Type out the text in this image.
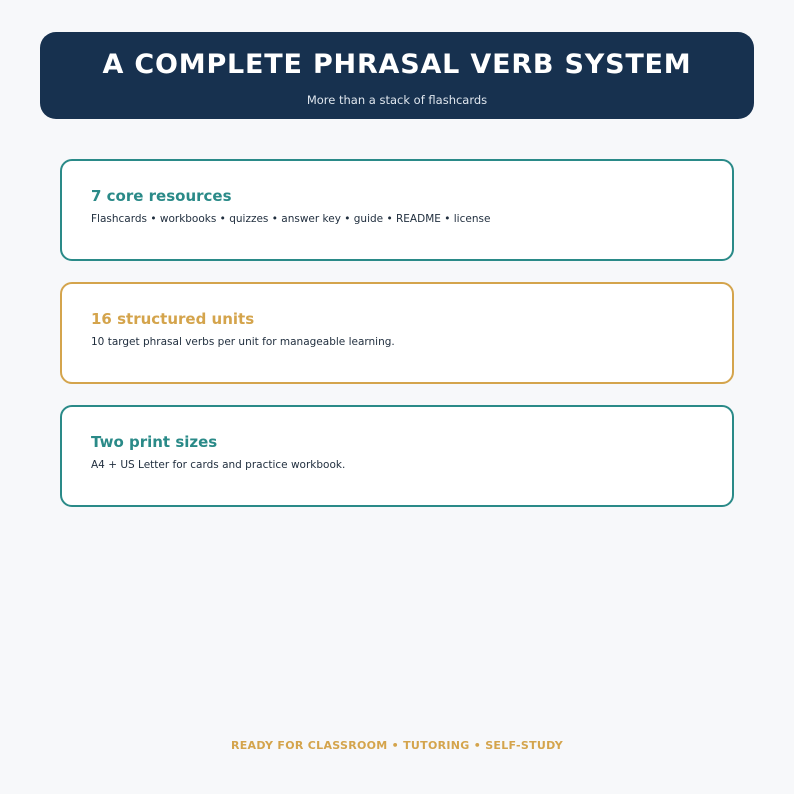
A COMPLETE PHRASAL VERB SYSTEM
More than a stack of flashcards
7 core resources
Flashcards • workbooks • quizzes • answer key • guide • README • license
16 structured units
10 target phrasal verbs per unit for manageable learning.
Two print sizes
A4 + US Letter for cards and practice workbook.
READY FOR CLASSROOM • TUTORING • SELF-STUDY
